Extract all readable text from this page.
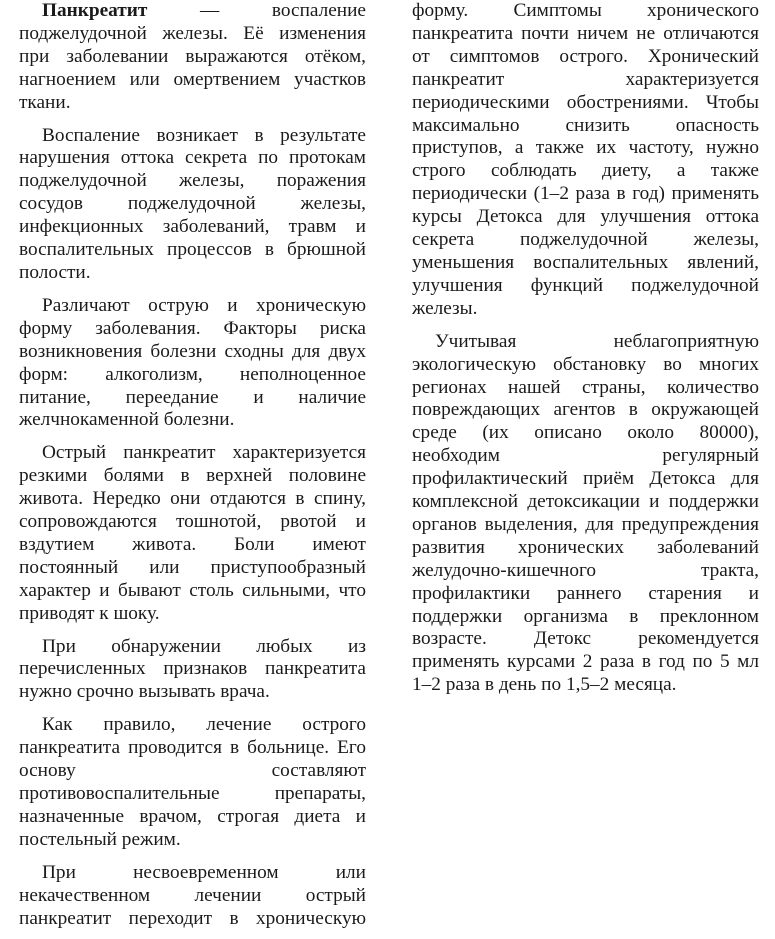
Панкреатит — воспаление поджелудочной железы. Её изменения при заболевании выражаются отёком, нагноением или омертвением участков ткани.

Воспаление возникает в результате нарушения оттока секрета по протокам поджелудочной железы, поражения сосудов поджелудочной железы, инфекционных заболеваний, травм и воспалительных процессов в брюшной полости.

Различают острую и хроническую форму заболевания. Факторы риска возникновения болезни сходны для двух форм: алкоголизм, неполноценное питание, переедание и наличие желчнокаменной болезни.

Острый панкреатит характеризуется резкими болями в верхней половине живота. Нередко они отдаются в спину, сопровождаются тошнотой, рвотой и вздутием живота. Боли имеют постоянный или приступообразный характер и бывают столь сильными, что приводят к шоку.

При обнаружении любых из перечисленных признаков панкреатита нужно срочно вызывать врача.

Как правило, лечение острого панкреатита проводится в больнице. Его основу составляют противовоспалительные препараты, назначенные врачом, строгая диета и постельный режим.

При несвоевременном или некачественном лечении острый панкреатит переходит в хроническую форму. Симптомы хронического панкреатита почти ничем не отличаются от симптомов острого. Хронический панкреатит характеризуется периодическими обострениями. Чтобы максимально снизить опасность приступов, а также их частоту, нужно строго соблюдать диету, а также периодически (1–2 раза в год) применять курсы Детокса для улучшения оттока секрета поджелудочной железы, уменьшения воспалительных явлений, улучшения функций поджелудочной железы.

Учитывая неблагоприятную экологическую обстановку во многих регионах нашей страны, количество повреждающих агентов в окружающей среде (их описано около 80000), необходим регулярный профилактический приём Детокса для комплексной детоксикации и поддержки органов выделения, для предупреждения развития хронических заболеваний желудочно-кишечного тракта, профилактики раннего старения и поддержки организма в преклонном возрасте. Детокс рекомендуется применять курсами 2 раза в год по 5 мл 1–2 раза в день по 1,5–2 месяца.
